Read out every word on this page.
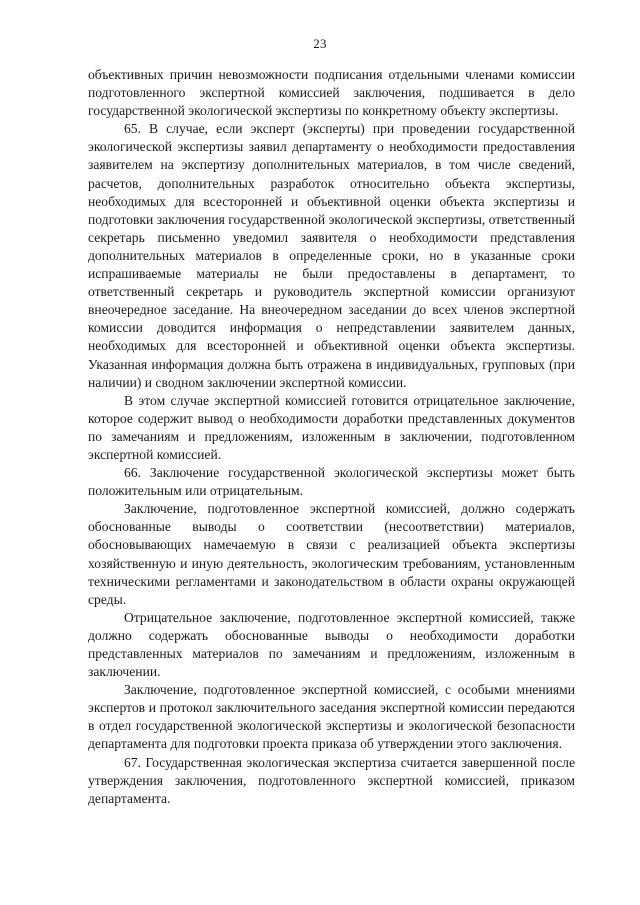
23

объективных причин невозможности подписания отдельными членами комиссии подготовленного экспертной комиссией заключения, подшивается в дело государственной экологической экспертизы по конкретному объекту экспертизы.

65. В случае, если эксперт (эксперты) при проведении государственной экологической экспертизы заявил департаменту о необходимости предоставления заявителем на экспертизу дополнительных материалов, в том числе сведений, расчетов, дополнительных разработок относительно объекта экспертизы, необходимых для всесторонней и объективной оценки объекта экспертизы и подготовки заключения государственной экологической экспертизы, ответственный секретарь письменно уведомил заявителя о необходимости представления дополнительных материалов в определенные сроки, но в указанные сроки испрашиваемые материалы не были предоставлены в департамент, то ответственный секретарь и руководитель экспертной комиссии организуют внеочередное заседание. На внеочередном заседании до всех членов экспертной комиссии доводится информация о непредставлении заявителем данных, необходимых для всесторонней и объективной оценки объекта экспертизы. Указанная информация должна быть отражена в индивидуальных, групповых (при наличии) и сводном заключении экспертной комиссии.

В этом случае экспертной комиссией готовится отрицательное заключение, которое содержит вывод о необходимости доработки представленных документов по замечаниям и предложениям, изложенным в заключении, подготовленном экспертной комиссией.

66. Заключение государственной экологической экспертизы может быть положительным или отрицательным.

Заключение, подготовленное экспертной комиссией, должно содержать обоснованные выводы о соответствии (несоответствии) материалов, обосновывающих намечаемую в связи с реализацией объекта экспертизы хозяйственную и иную деятельность, экологическим требованиям, установленным техническими регламентами и законодательством в области охраны окружающей среды.

Отрицательное заключение, подготовленное экспертной комиссией, также должно содержать обоснованные выводы о необходимости доработки представленных материалов по замечаниям и предложениям, изложенным в заключении.

Заключение, подготовленное экспертной комиссией, с особыми мнениями экспертов и протокол заключительного заседания экспертной комиссии передаются в отдел государственной экологической экспертизы и экологической безопасности департамента для подготовки проекта приказа об утверждении этого заключения.

67. Государственная экологическая экспертиза считается завершенной после утверждения заключения, подготовленного экспертной комиссией, приказом департамента.
